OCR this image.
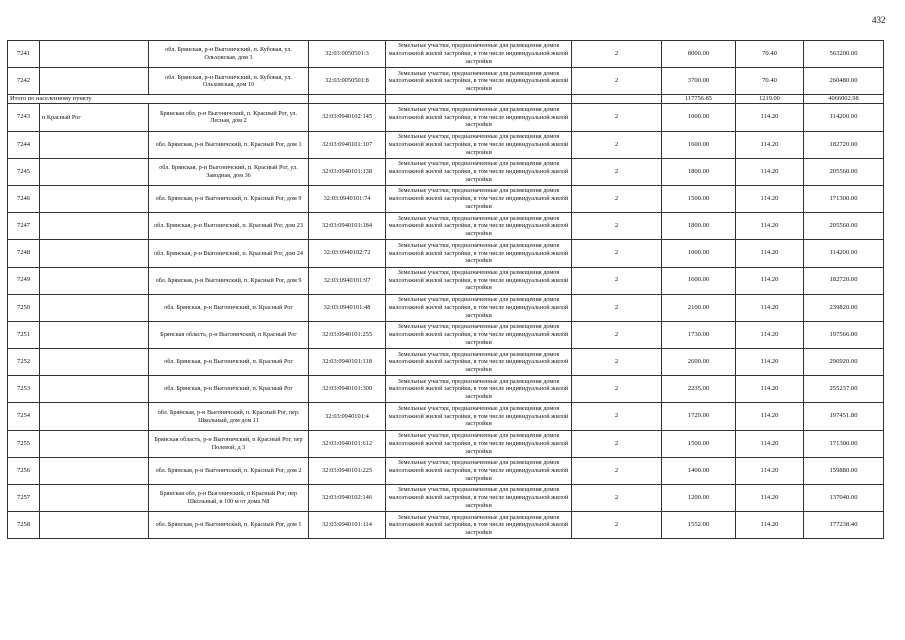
432
7241		обл. Брянская, р-н Выгоничский, п. Кубовая, ул. Ольховская, дом 3	32:03:0050501:3	Земельные участки, предназначенные для размещения домов малоэтажной жилой застройки, в том числе индивидуальной жилой застройки	2	8000.00	70.40	563200.00
7242		обл. Брянская, р-н Выгоничский, п. Кубовая, ул. Ольховская, дом 10	32:03:0050501:8	Земельные участки, предназначенные для размещения домов малоэтажной жилой застройки, в том числе индивидуальной жилой застройки	2	3700.00	70.40	260480.00
Итого по населенному пункту						117756.85	1219.00	4066002.98
7243	п Красный Рог	Брянская обл, р-н Выгоничский, п. Красный Рог, ул. Лесная, дом 2	32:03:0940102:145	Земельные участки, предназначенные для размещения домов малоэтажной жилой застройки, в том числе индивидуальной жилой застройки	2	1000.00	114.20	114200.00
7244		обл. Брянская, р-н Выгоничский, п. Красный Рог, дом 1	32:03:0940101:107	Земельные участки, предназначенные для размещения домов малоэтажной жилой застройки, в том числе индивидуальной жилой застройки	2	1600.00	114.20	182720.00
7245		обл. Брянская, р-н Выгоничский, п. Красный Рог, ул. Заводная, дом 36	32:03:0940101:138	Земельные участки, предназначенные для размещения домов малоэтажной жилой застройки, в том числе индивидуальной жилой застройки	2	1800.00	114.20	205560.00
7246		обл. Брянская, р-н Выгоничский, п. Красный Рог, дом 9	32:03:0940101:74	Земельные участки, предназначенные для размещения домов малоэтажной жилой застройки, в том числе индивидуальной жилой застройки	2	1500.00	114.20	171300.00
7247		обл. Брянская, р-н Выгоничский, п. Красный Рог, дом 23	32:03:0940101:184	Земельные участки, предназначенные для размещения домов малоэтажной жилой застройки, в том числе индивидуальной жилой застройки	2	1800.00	114.20	205560.00
7248		обл. Брянская, р-н Выгоничский, п. Красный Рог, дом 24	32:03:0940102:72	Земельные участки, предназначенные для размещения домов малоэтажной жилой застройки, в том числе индивидуальной жилой застройки	2	1000.00	114.20	114200.00
7249		обл. Брянская, р-н Выгоничский, п. Красный Рог, дом 9	32:03:0940101:97	Земельные участки, предназначенные для размещения домов малоэтажной жилой застройки, в том числе индивидуальной жилой застройки	2	1600.00	114.20	182720.00
7250		обл. Брянская, р-н Выгоничский, п. Красный Рог	32:03:0940101:48	Земельные участки, предназначенные для размещения домов малоэтажной жилой застройки, в том числе индивидуальной жилой застройки	2	2100.00	114.20	239820.00
7251		Брянская область, р-н Выгоничский, п Красный Рог	32:03:0940101:255	Земельные участки, предназначенные для размещения домов малоэтажной жилой застройки, в том числе индивидуальной жилой застройки	2	1730.00	114.20	197566.00
7252		обл. Брянская, р-н Выгоничский, п. Красный Рог	32:03:0940101:118	Земельные участки, предназначенные для размещения домов малоэтажной жилой застройки, в том числе индивидуальной жилой застройки	2	2600.00	114.20	296920.00
7253		обл. Брянская, р-н Выгоничский, п. Красный Рог	32:03:0940101:300	Земельные участки, предназначенные для размещения домов малоэтажной жилой застройки, в том числе индивидуальной жилой застройки	2	2235.00	114.20	255237.00
7254		обл. Брянская, р-н Выгоничский, п. Красный Рог, пер. Школьный, дом дом 11	32:03:0940101:4	Земельные участки, предназначенные для размещения домов малоэтажной жилой застройки, в том числе индивидуальной жилой застройки	2	1729.00	114.20	197451.80
7255		Брянская область, р-н Выгоничский, п Красный Рог, пер Полевой, д 3	32:03:0940101:612	Земельные участки, предназначенные для размещения домов малоэтажной жилой застройки, в том числе индивидуальной жилой застройки	2	1500.00	114.20	171300.00
7256		обл. Брянская, р-н Выгоничский, п. Красный Рог, дом 2	32:03:0940101:225	Земельные участки, предназначенные для размещения домов малоэтажной жилой застройки, в том числе индивидуальной жилой застройки	2	1400.00	114.20	159880.00
7257		Брянская обл, р-н Выгоничский, п Красный Рог, пер Школьный, в 100 м от дома N8	32:03:0940102:146	Земельные участки, предназначенные для размещения домов малоэтажной жилой застройки, в том числе индивидуальной жилой застройки	2	1200.00	114.20	137040.00
7258		обл. Брянская, р-н Выгоничский, п. Красный Рог, дом 1	32:03:0940101:114	Земельные участки, предназначенные для размещения домов малоэтажной жилой застройки, в том числе индивидуальной жилой застройки	2	1552.00	114.20	177238.40
